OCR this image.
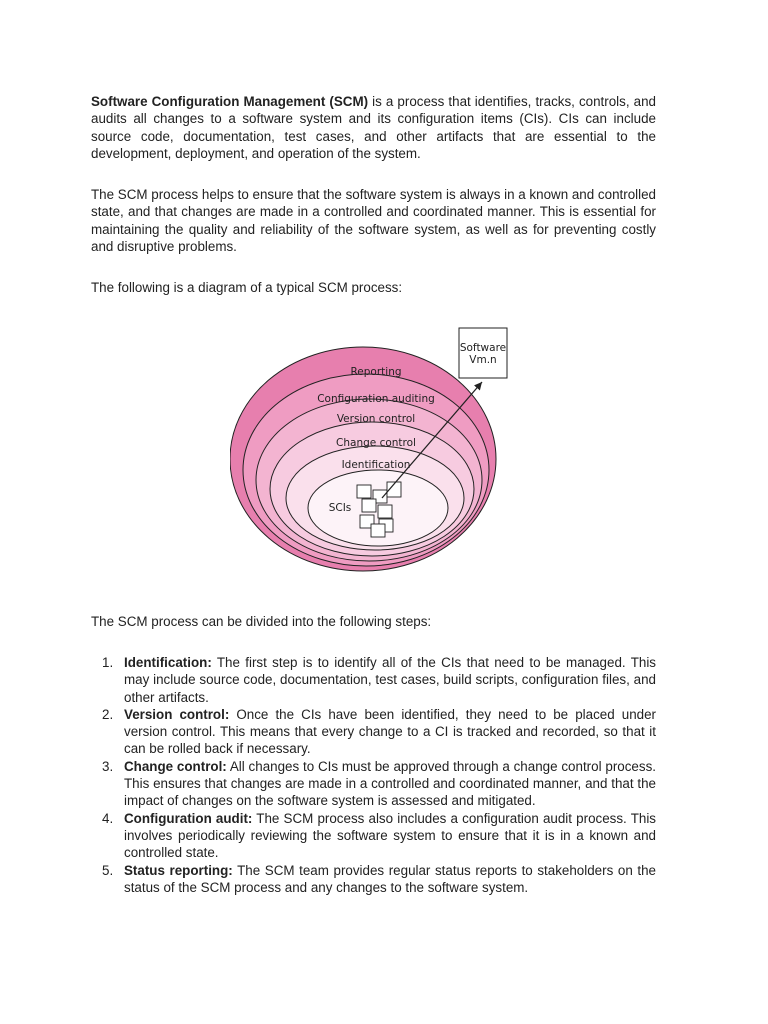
Software Configuration Management (SCM) is a process that identifies, tracks, controls, and audits all changes to a software system and its configuration items (CIs). CIs can include source code, documentation, test cases, and other artifacts that are essential to the development, deployment, and operation of the system.

The SCM process helps to ensure that the software system is always in a known and controlled state, and that changes are made in a controlled and coordinated manner. This is essential for maintaining the quality and reliability of the software system, as well as for preventing costly and disruptive problems.

The following is a diagram of a typical SCM process:

Reporting
Configuration auditing
Version control
Change control
Identification
SCIs
Software
Vm.n

The SCM process can be divided into the following steps:

1. Identification: The first step is to identify all of the CIs that need to be managed. This may include source code, documentation, test cases, build scripts, configuration files, and other artifacts.
2. Version control: Once the CIs have been identified, they need to be placed under version control. This means that every change to a CI is tracked and recorded, so that it can be rolled back if necessary.
3. Change control: All changes to CIs must be approved through a change control process. This ensures that changes are made in a controlled and coordinated manner, and that the impact of changes on the software system is assessed and mitigated.
4. Configuration audit: The SCM process also includes a configuration audit process. This involves periodically reviewing the software system to ensure that it is in a known and controlled state.
5. Status reporting: The SCM team provides regular status reports to stakeholders on the status of the SCM process and any changes to the software system.
